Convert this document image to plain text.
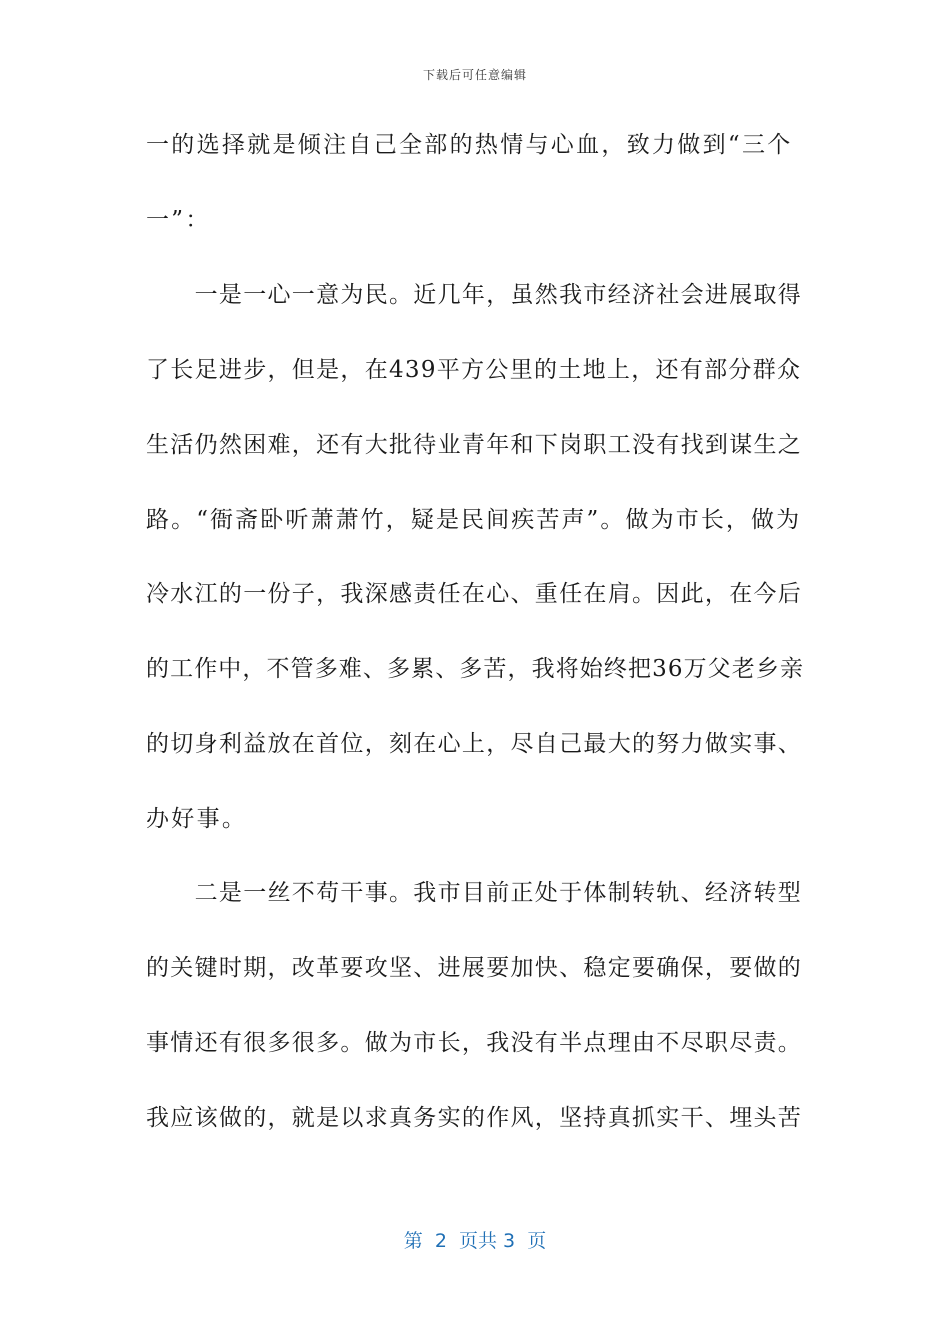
下载后可任意编辑
一的选择就是倾注自己全部的热情与心血，致力做到“三个
一”：
　　一是一心一意为民。近几年，虽然我市经济社会进展取得
了长足进步，但是，在439平方公里的土地上，还有部分群众
生活仍然困难，还有大批待业青年和下岗职工没有找到谋生之
路。“衙斋卧听萧萧竹，疑是民间疾苦声”。做为市长，做为
冷水江的一份子，我深感责任在心、重任在肩。因此，在今后
的工作中，不管多难、多累、多苦，我将始终把36万父老乡亲
的切身利益放在首位，刻在心上，尽自己最大的努力做实事、
办好事。
　　二是一丝不苟干事。我市目前正处于体制转轨、经济转型
的关键时期，改革要攻坚、进展要加快、稳定要确保，要做的
事情还有很多很多。做为市长，我没有半点理由不尽职尽责。
我应该做的，就是以求真务实的作风，坚持真抓实干、埋头苦
第  2  页共 3  页
